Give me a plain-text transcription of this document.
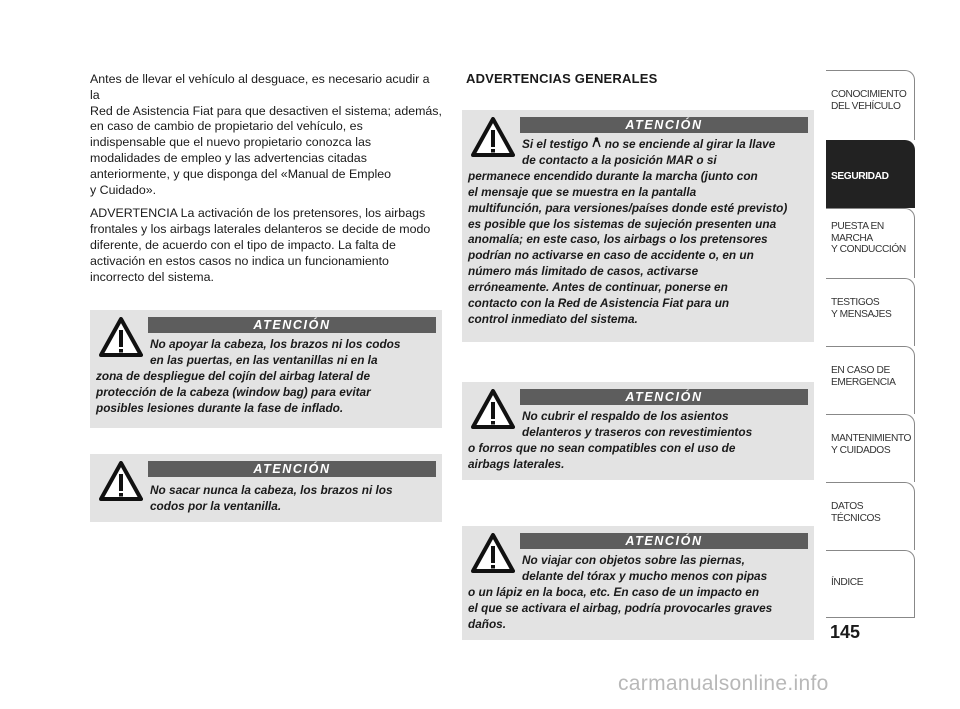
Antes de llevar el vehículo al desguace, es necesario acudir a la
Red de Asistencia Fiat para que desactiven el sistema; además,
en caso de cambio de propietario del vehículo, es
indispensable que el nuevo propietario conozca las
modalidades de empleo y las advertencias citadas
anteriormente, y que disponga del «Manual de Empleo
y Cuidado».

ADVERTENCIA La activación de los pretensores, los airbags
frontales y los airbags laterales delanteros se decide de modo
diferente, de acuerdo con el tipo de impacto. La falta de
activación en estos casos no indica un funcionamiento
incorrecto del sistema.

ADVERTENCIAS GENERALES
ATENCIÓN
Si el testigo no se enciende al girar la llave
de contacto a la posición MAR o si
permanece encendido durante la marcha (junto con
el mensaje que se muestra en la pantalla
multifunción, para versiones/países donde esté previsto)
es posible que los sistemas de sujeción presenten una
anomalía; en este caso, los airbags o los pretensores
podrían no activarse en caso de accidente o, en un
número más limitado de casos, activarse
erróneamente. Antes de continuar, ponerse en
contacto con la Red de Asistencia Fiat para un
control inmediato del sistema.
ATENCIÓN
No cubrir el respaldo de los asientos
delanteros y traseros con revestimientos
o forros que no sean compatibles con el uso de
airbags laterales.
ATENCIÓN
No viajar con objetos sobre las piernas,
delante del tórax y mucho menos con pipas
o un lápiz en la boca, etc. En caso de un impacto en
el que se activara el airbag, podría provocarles graves
daños.
ATENCIÓN
No apoyar la cabeza, los brazos ni los codos
en las puertas, en las ventanillas ni en la
zona de despliegue del cojín del airbag lateral de
protección de la cabeza (window bag) para evitar
posibles lesiones durante la fase de inflado.
ATENCIÓN
No sacar nunca la cabeza, los brazos ni los
codos por la ventanilla.
CONOCIMIENTO
DEL VEHÍCULO
SEGURIDAD
PUESTA EN
MARCHA
Y CONDUCCIÓN
TESTIGOS
Y MENSAJES
EN CASO DE
EMERGENCIA
MANTENIMIENTO
Y CUIDADOS
DATOS
TÉCNICOS
ÍNDICE
145
carmanualsonline.info
